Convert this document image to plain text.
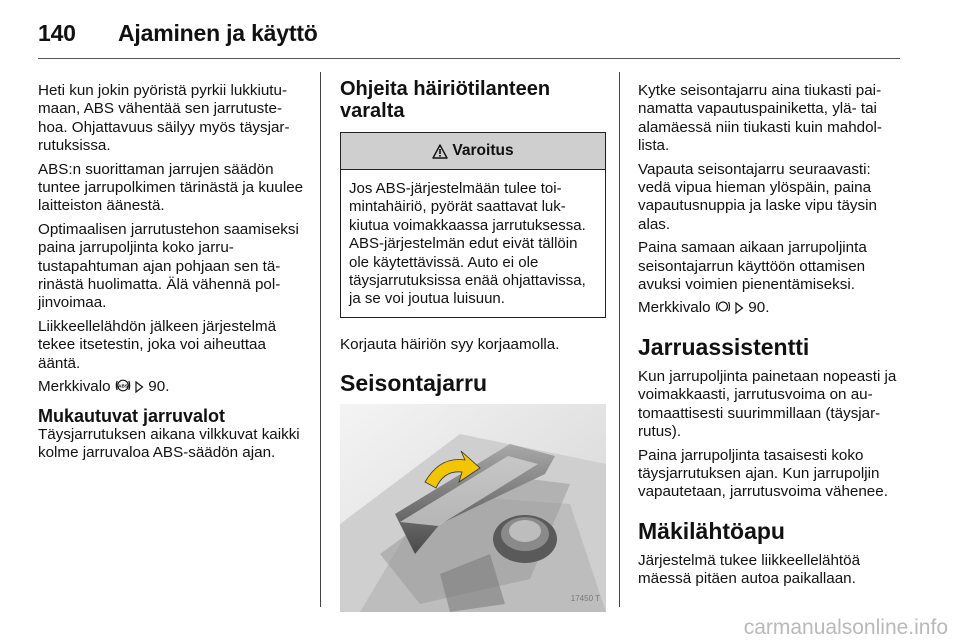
140 Ajaminen ja käyttö

Heti kun jokin pyöristä pyrkii lukkiutumaan, ABS vähentää sen jarrutustehoa. Ohjattavuus säilyy myös täysjarrutuksissa.

ABS:n suorittaman jarrujen säädön tuntee jarrupolkimen tärinästä ja kuulee laitteiston äänestä.

Optimaalisen jarrutustehon saamiseksi paina jarrupoljinta koko jarrutustapahtuman ajan pohjaan sen tärinästä huolimatta. Älä vähennä poljinvoimaa.

Liikkeellelähdön jälkeen järjestelmä tekee itsetestin, joka voi aiheuttaa ääntä.

Merkkivalo ABS 90.

Mukautuvat jarruvalot

Täysjarrutuksen aikana vilkkuvat kaikki kolme jarruvaloa ABS-säädön ajan.

Ohjeita häiriötilanteen varalta
Varoitus
Jos ABS-järjestelmään tulee toimintahäiriö, pyörät saattavat lukkiutua voimakkaassa jarrutuksessa. ABS-järjestelmän edut eivät tällöin ole käytettävissä. Auto ei ole täysjarrutuksissa enää ohjattavissa, ja se voi joutua luisuun.

Korjauta häiriön syy korjaamolla.

Seisontajarru
17450 T

Kytke seisontajarru aina tiukasti painamatta vapautuspainiketta, ylä- tai alamäessä niin tiukasti kuin mahdollista.

Vapauta seisontajarru seuraavasti: vedä vipua hieman ylöspäin, paina vapautusnuppia ja laske vipu täysin alas.

Paina samaan aikaan jarrupoljinta seisontajarrun käyttöön ottamisen avuksi voimien pienentämiseksi.

Merkkivalo 90.

Jarruassistentti

Kun jarrupoljinta painetaan nopeasti ja voimakkaasti, jarrutusvoima on automaattisesti suurimmillaan (täysjarrutus).

Paina jarrupoljinta tasaisesti koko täysjarrutuksen ajan. Kun jarrupoljin vapautetaan, jarrutusvoima vähenee.

Mäkilähtöapu

Järjestelmä tukee liikkeellelähtöä mäessä pitäen autoa paikallaan.

carmanualsonline.info
